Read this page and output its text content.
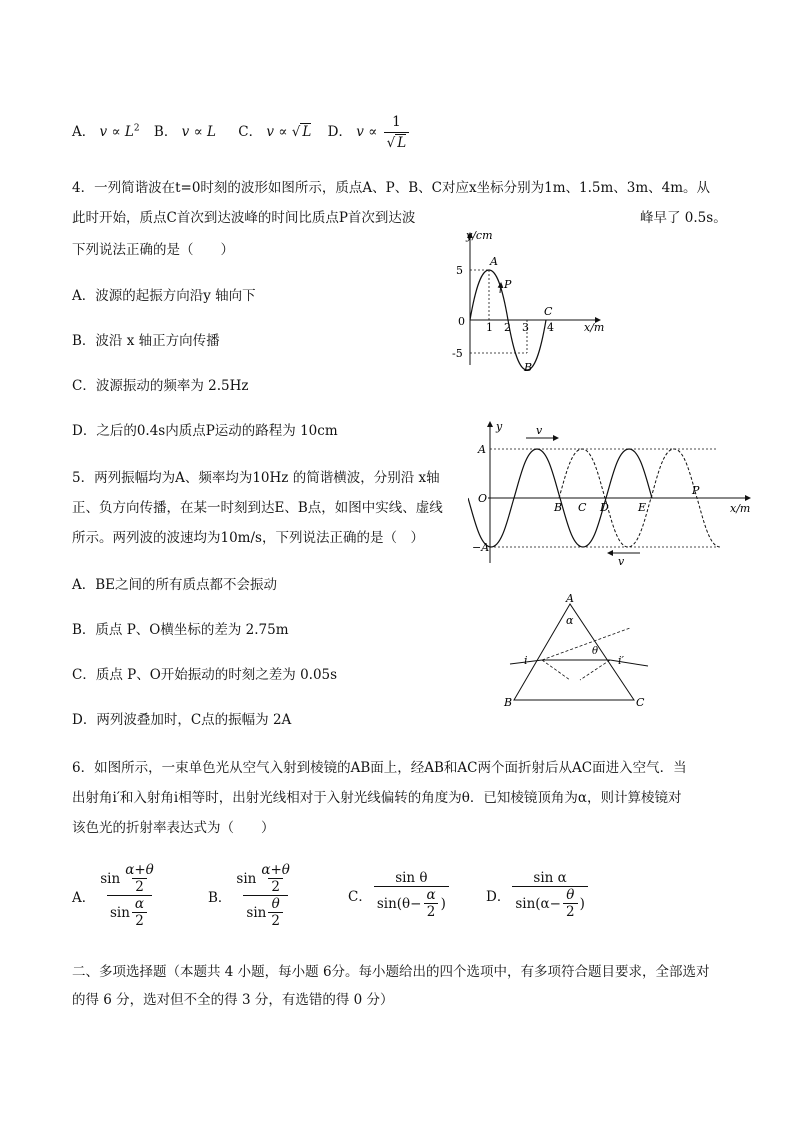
A． $v \propto L^2$ B． v ∝ L C． v ∝ √ L D． $v \propto \frac{1}{√ L}$
4．一列简谐波在t=0时刻的波形如图所示，质点A、P、B、C对应x坐标分别为1m、1.5m、3m、4m。从
此时开始，质点C首次到达波峰的时间比质点P首次到达波	峰早了 0.5s。
下列说法正确的是（　　）
A．波源的起振方向沿y 轴向下
B．波沿 x 轴正方向传播
C．波源振动的频率为 2.5Hz
D．之后的0.4s内质点P运动的路程为 10cm
y/cm
x/m
5
-5
0 1 2 3 4
A
P
B
C
5．两列振幅均为A、频率均为10Hz 的简谐横波，分别沿 x轴
正、负方向传播，在某一时刻到达E、B点，如图中实线、虚线
所示。两列波的波速均为10m/s，下列说法正确的是（　）
A．BE之间的所有质点都不会振动
B．质点 P、O横坐标的差为 2.75m
C．质点 P、O开始振动的时刻之差为 0.05s
D．两列波叠加时，C点的振幅为 2A
v
v
y
x/m
A
−A
O
B C D	E
P
A
B	C
α
θ
i	i′
6．如图所示，一束单色光从空气入射到棱镜的AB面上，经AB和AC两个面折射后从AC面进入空气．当
出射角i′和入射角i相等时，出射光线相对于入射光线偏转的角度为θ．已知棱镜顶角为α，则计算棱镜对
该色光的折射率表达式为（　　）
A． $\frac{\sin \frac{\alpha+\theta}{2}}{\sin \frac{\alpha}{2}}$	B． $\frac{\sin \frac{\alpha+\theta}{2}}{\sin \frac{\theta}{2}}$	C． $\frac{\text{sin θ}}{\sin(\theta- \frac{\alpha}{2} )}$	D． $\frac{\text{sin α}}{\sin(\alpha- \frac{\theta}{2} )}$
二、多项选择题（本题共 4 小题，每小题 6分。每小题给出的四个选项中，有多项符合题目要求，全部选对
的得 6 分，选对但不全的得 3 分，有选错的得 0 分）
